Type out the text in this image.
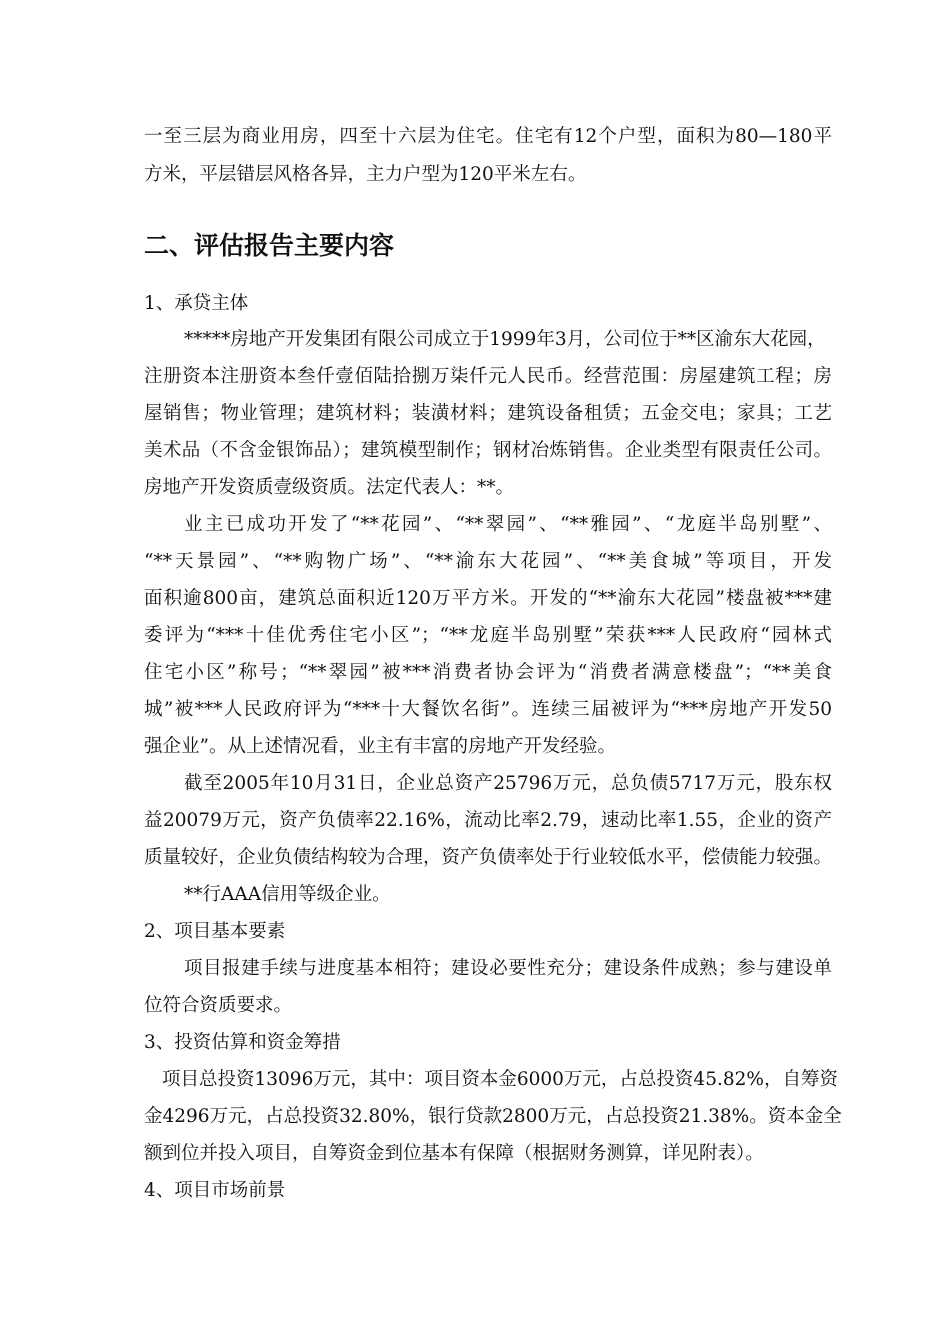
一至三层为商业用房，四至十六层为住宅。住宅有12个户型，面积为80—180平
方米，平层错层风格各异，主力户型为120平米左右。
二、评估报告主要内容
1、承贷主体
*****房地产开发集团有限公司成立于1999年3月，公司位于**区渝东大花园，
注册资本注册资本叁仟壹佰陆拾捌万柒仟元人民币。经营范围：房屋建筑工程；房
屋销售；物业管理；建筑材料；装潢材料；建筑设备租赁；五金交电；家具；工艺
美术品（不含金银饰品）；建筑模型制作；钢材冶炼销售。企业类型有限责任公司。
房地产开发资质壹级资质。法定代表人：**。
业主已成功开发了“**花园”、“**翠园”、“**雅园”、“龙庭半岛别墅”、
“**天景园”、“**购物广场”、“**渝东大花园”、“**美食城”等项目，开发
面积逾800亩，建筑总面积近120万平方米。开发的“**渝东大花园”楼盘被***建
委评为“***十佳优秀住宅小区”；“**龙庭半岛别墅”荣获***人民政府“园林式
住宅小区”称号；“**翠园”被***消费者协会评为“消费者满意楼盘”；“**美食
城”被***人民政府评为“***十大餐饮名街”。连续三届被评为“***房地产开发50
强企业”。从上述情况看，业主有丰富的房地产开发经验。
截至2005年10月31日，企业总资产25796万元，总负债5717万元，股东权
益20079万元，资产负债率22.16%，流动比率2.79，速动比率1.55，企业的资产
质量较好，企业负债结构较为合理，资产负债率处于行业较低水平，偿债能力较强。
**行AAA信用等级企业。
2、项目基本要素
项目报建手续与进度基本相符；建设必要性充分；建设条件成熟；参与建设单
位符合资质要求。
3、投资估算和资金筹措
项目总投资13096万元，其中：项目资本金6000万元，占总投资45.82%，自筹资
金4296万元，占总投资32.80%，银行贷款2800万元，占总投资21.38%。资本金全
额到位并投入项目，自筹资金到位基本有保障（根据财务测算，详见附表）。
4、项目市场前景
